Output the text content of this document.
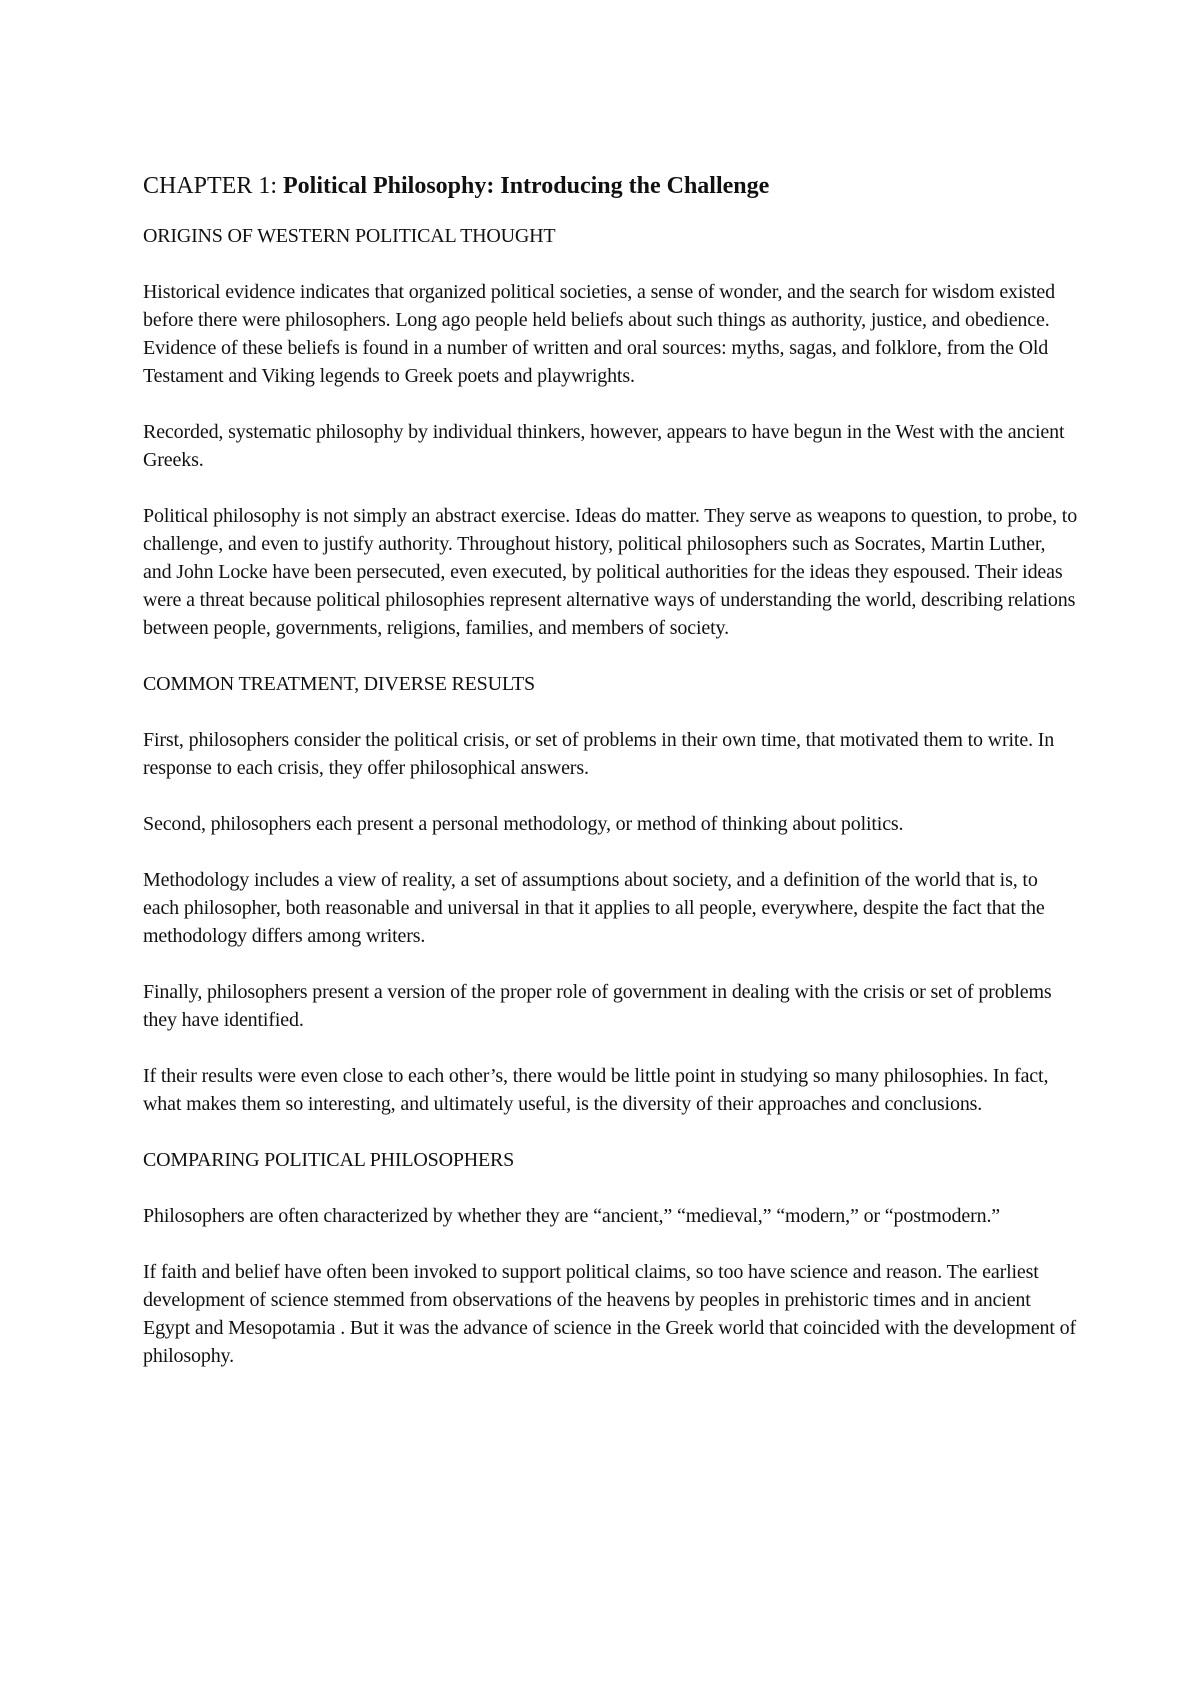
CHAPTER 1: Political Philosophy: Introducing the Challenge
ORIGINS OF WESTERN POLITICAL THOUGHT

Historical evidence indicates that organized political societies, a sense of wonder, and the search for wisdom existed before there were philosophers. Long ago people held beliefs about such things as authority, justice, and obedience. Evidence of these beliefs is found in a number of written and oral sources: myths, sagas, and folklore, from the Old Testament and Viking legends to Greek poets and playwrights.

Recorded, systematic philosophy by individual thinkers, however, appears to have begun in the West with the ancient Greeks.

Political philosophy is not simply an abstract exercise. Ideas do matter. They serve as weapons to question, to probe, to challenge, and even to justify authority. Throughout history, political philosophers such as Socrates, Martin Luther, and John Locke have been persecuted, even executed, by political authorities for the ideas they espoused. Their ideas were a threat because political philosophies represent alternative ways of understanding the world, describing relations between people, governments, religions, families, and members of society.

COMMON TREATMENT, DIVERSE RESULTS

First, philosophers consider the political crisis, or set of problems in their own time, that motivated them to write. In response to each crisis, they offer philosophical answers.

Second, philosophers each present a personal methodology, or method of thinking about politics.

Methodology includes a view of reality, a set of assumptions about society, and a definition of the world that is, to each philosopher, both reasonable and universal in that it applies to all people, everywhere, despite the fact that the methodology differs among writers.

Finally, philosophers present a version of the proper role of government in dealing with the crisis or set of problems they have identified.

If their results were even close to each other’s, there would be little point in studying so many philosophies. In fact, what makes them so interesting, and ultimately useful, is the diversity of their approaches and conclusions.

COMPARING POLITICAL PHILOSOPHERS

Philosophers are often characterized by whether they are “ancient,” “medieval,” “modern,” or “postmodern.”

If faith and belief have often been invoked to support political claims, so too have science and reason. The earliest development of science stemmed from observations of the heavens by peoples in prehistoric times and in ancient Egypt and Mesopotamia . But it was the advance of science in the Greek world that coincided with the development of philosophy.
